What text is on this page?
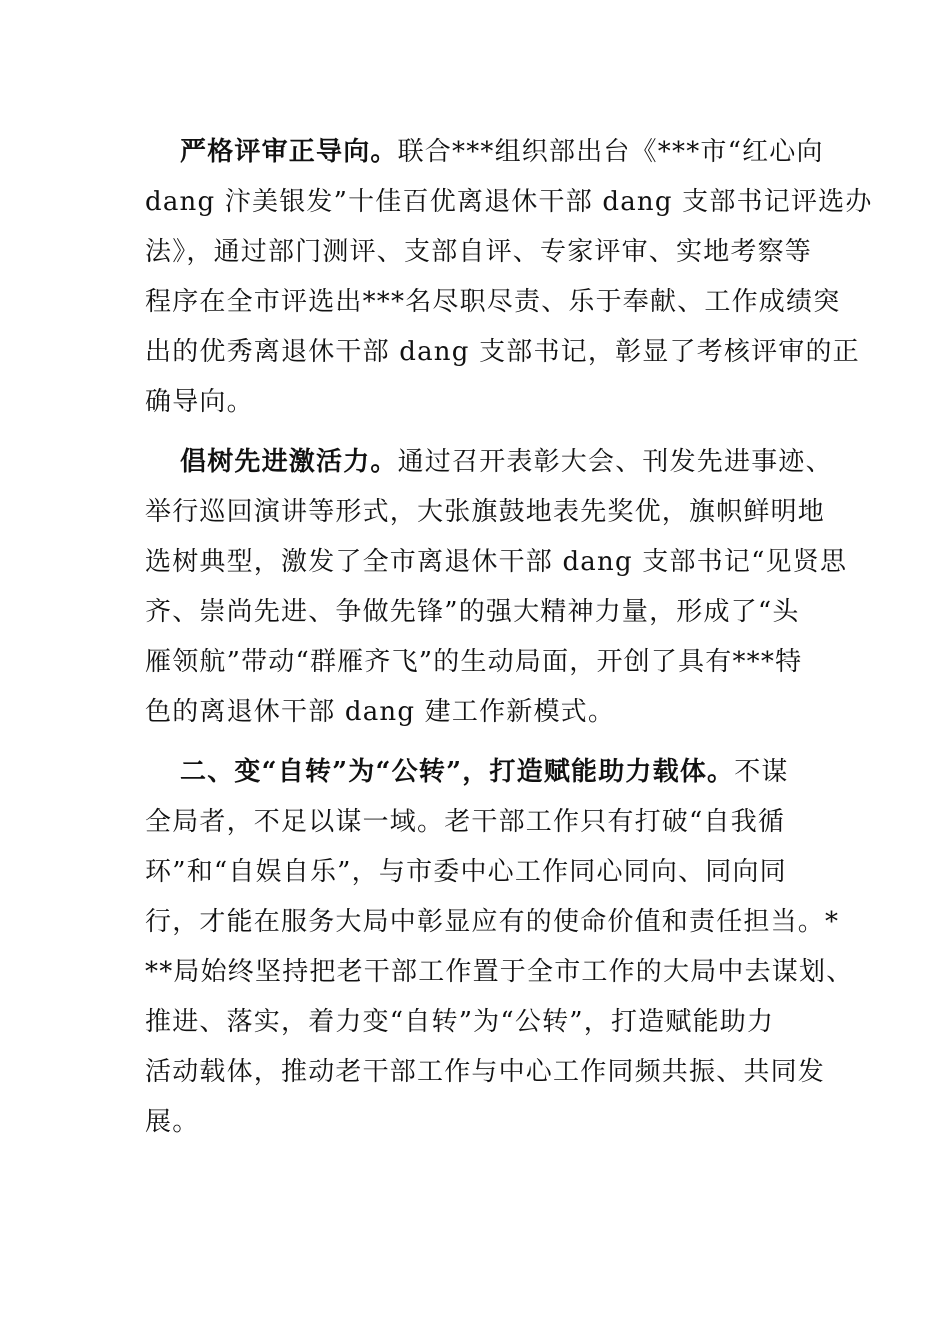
严格评审正导向。联合***组织部出台《***市“红心向
dang 汴美银发”十佳百优离退休干部 dang 支部书记评选办
法》，通过部门测评、支部自评、专家评审、实地考察等
程序在全市评选出***名尽职尽责、乐于奉献、工作成绩突
出的优秀离退休干部 dang 支部书记，彰显了考核评审的正
确导向。
倡树先进激活力。通过召开表彰大会、刊发先进事迹、
举行巡回演讲等形式，大张旗鼓地表先奖优，旗帜鲜明地
选树典型，激发了全市离退休干部 dang 支部书记“见贤思
齐、崇尚先进、争做先锋”的强大精神力量，形成了“头
雁领航”带动“群雁齐飞”的生动局面，开创了具有***特
色的离退休干部 dang 建工作新模式。
二、变“自转”为“公转”，打造赋能助力载体。不谋
全局者，不足以谋一域。老干部工作只有打破“自我循
环”和“自娱自乐”，与市委中心工作同心同向、同向同
行，才能在服务大局中彰显应有的使命价值和责任担当。*
**局始终坚持把老干部工作置于全市工作的大局中去谋划、
推进、落实，着力变“自转”为“公转”，打造赋能助力
活动载体，推动老干部工作与中心工作同频共振、共同发
展。
